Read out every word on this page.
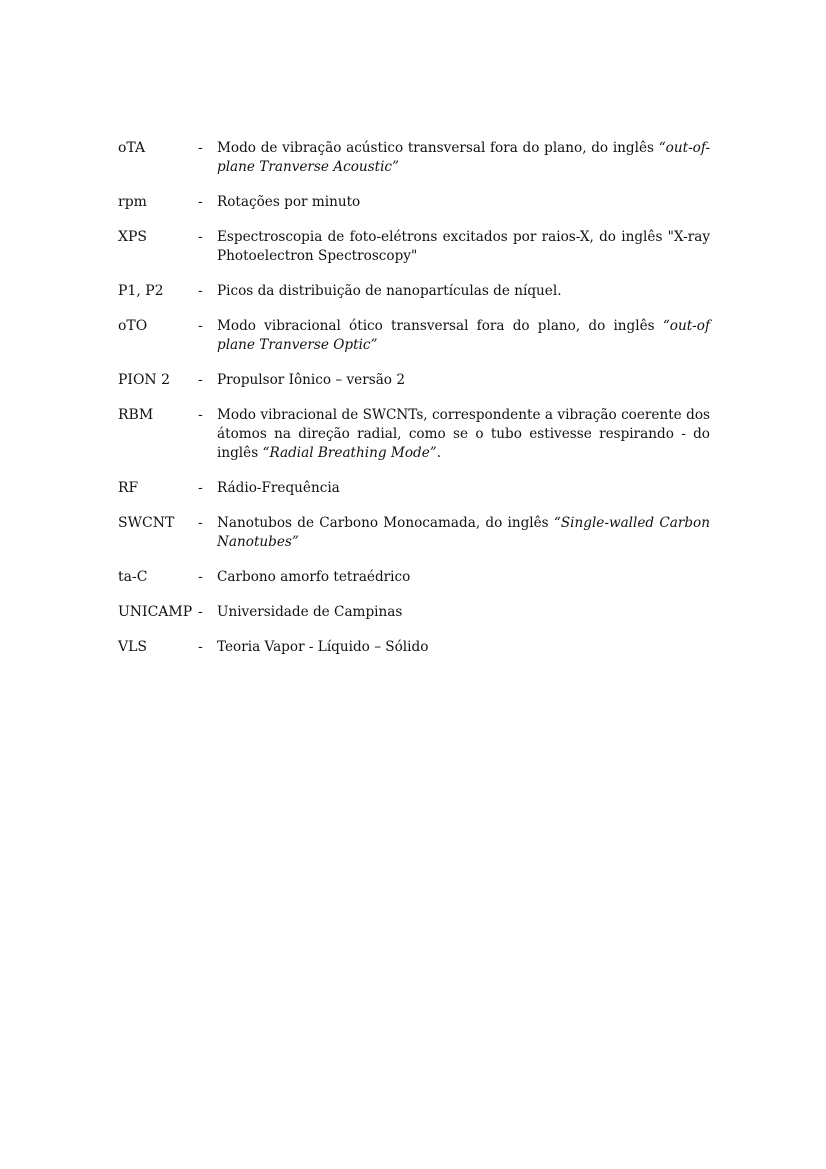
oTA	-	Modo de vibração acústico transversal fora do plano, do inglês “out-of-plane Tranverse Acoustic”
rpm	-	Rotações por minuto
XPS	-	Espectroscopia de foto-elétrons excitados por raios-X, do inglês "X-ray Photoelectron Spectroscopy"
P1, P2	-	Picos da distribuição de nanopartículas de níquel.
oTO	-	Modo vibracional ótico transversal fora do plano, do inglês “out-of plane Tranverse Optic”
PION 2	-	Propulsor Iônico – versão 2
RBM	-	Modo vibracional de SWCNTs, correspondente a vibração coerente dos átomos na direção radial, como se o tubo estivesse respirando - do inglês “Radial Breathing Mode”.
RF	-	Rádio-Frequência
SWCNT	-	Nanotubos de Carbono Monocamada, do inglês “Single-walled Carbon Nanotubes”
ta-C	-	Carbono amorfo tetraédrico
UNICAMP -	Universidade de Campinas
VLS	-	Teoria Vapor - Líquido – Sólido
